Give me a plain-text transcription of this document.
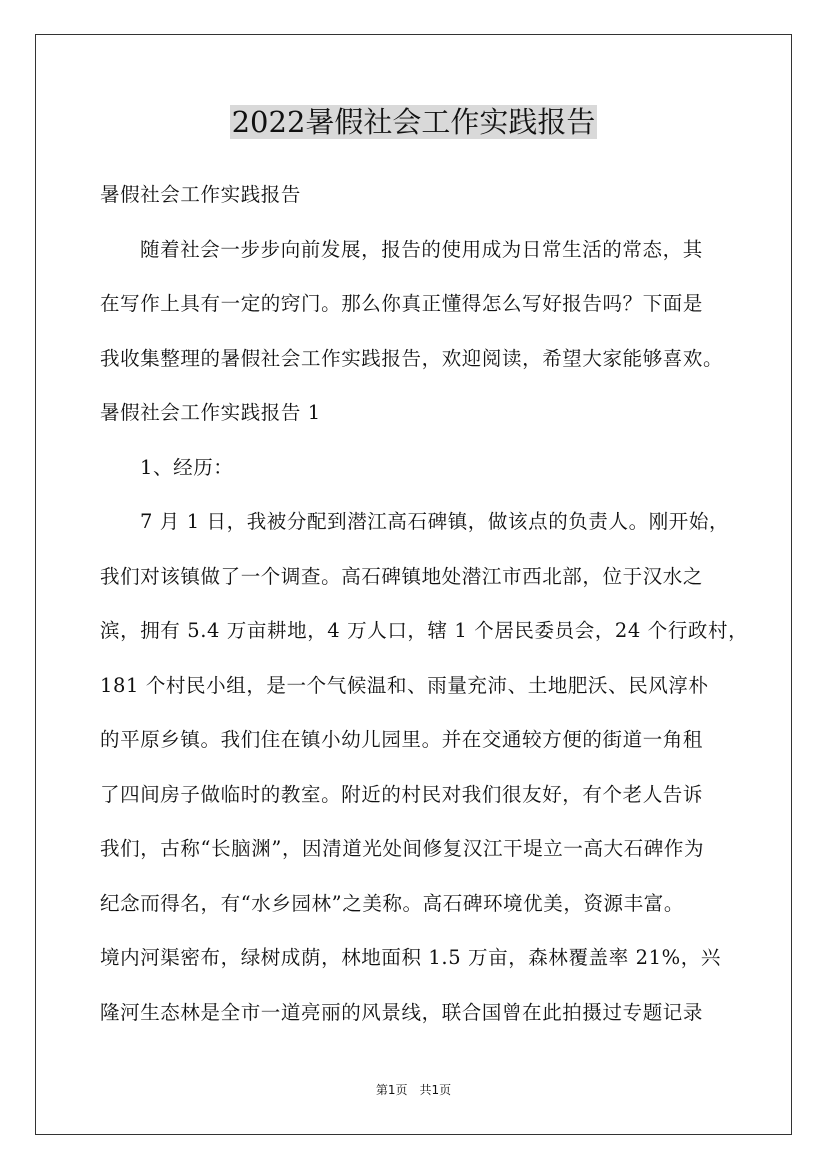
2022暑假社会工作实践报告
暑假社会工作实践报告
随着社会一步步向前发展，报告的使用成为日常生活的常态，其
在写作上具有一定的窍门。那么你真正懂得怎么写好报告吗？下面是
我收集整理的暑假社会工作实践报告，欢迎阅读，希望大家能够喜欢。
暑假社会工作实践报告 1
1、经历：
7 月 1 日，我被分配到潜江高石碑镇，做该点的负责人。刚开始，
我们对该镇做了一个调查。高石碑镇地处潜江市西北部，位于汉水之
滨，拥有 5.4 万亩耕地，4 万人口，辖 1 个居民委员会，24 个行政村，
181 个村民小组，是一个气候温和、雨量充沛、土地肥沃、民风淳朴
的平原乡镇。我们住在镇小幼儿园里。并在交通较方便的街道一角租
了四间房子做临时的教室。附近的村民对我们很友好，有个老人告诉
我们，古称“长脑渊”，因清道光处间修复汉江干堤立一高大石碑作为
纪念而得名，有“水乡园林”之美称。高石碑环境优美，资源丰富。
境内河渠密布，绿树成荫，林地面积 1.5 万亩，森林覆盖率 21%，兴
隆河生态林是全市一道亮丽的风景线，联合国曾在此拍摄过专题记录
第1页　共1页
